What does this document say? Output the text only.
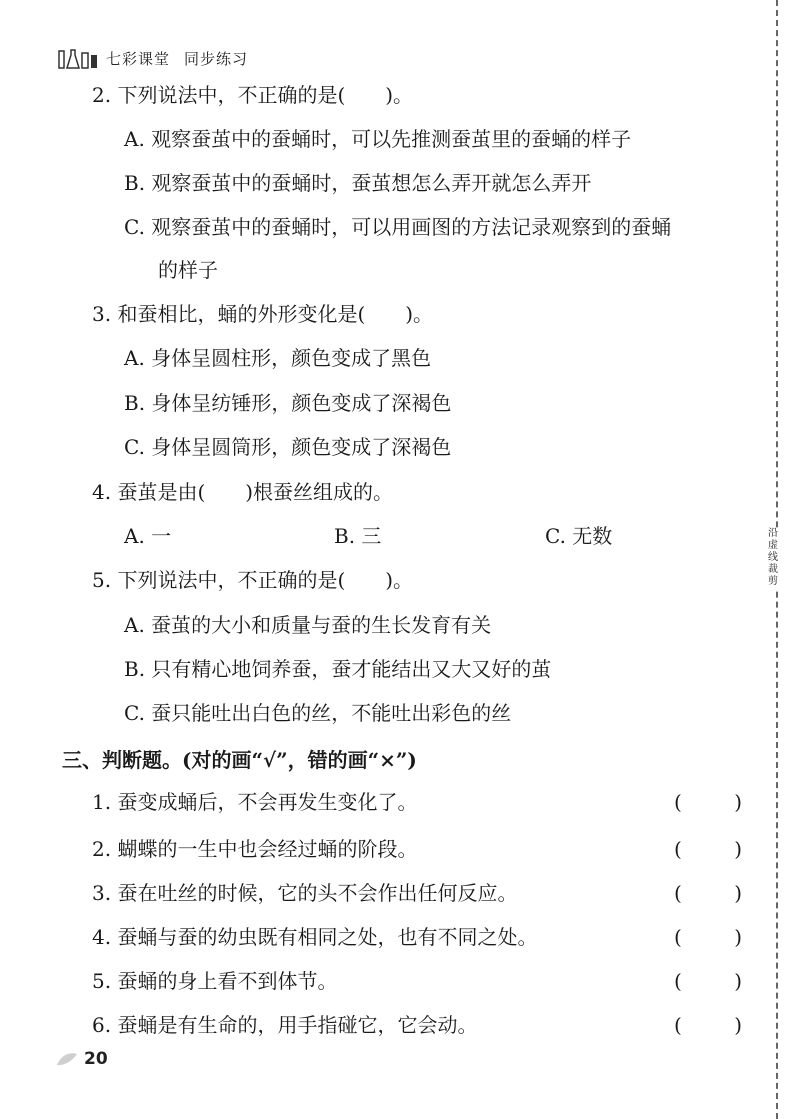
七彩课堂 同步练习
2. 下列说法中，不正确的是(　　)。
A. 观察蚕茧中的蚕蛹时，可以先推测蚕茧里的蚕蛹的样子
B. 观察蚕茧中的蚕蛹时，蚕茧想怎么弄开就怎么弄开
C. 观察蚕茧中的蚕蛹时，可以用画图的方法记录观察到的蚕蛹
的样子
3. 和蚕相比，蛹的外形变化是(　　)。
A. 身体呈圆柱形，颜色变成了黑色
B. 身体呈纺锤形，颜色变成了深褐色
C. 身体呈圆筒形，颜色变成了深褐色
4. 蚕茧是由(　　)根蚕丝组成的。
A. 一	B. 三	C. 无数
5. 下列说法中，不正确的是(　　)。
A. 蚕茧的大小和质量与蚕的生长发育有关
B. 只有精心地饲养蚕，蚕才能结出又大又好的茧
C. 蚕只能吐出白色的丝，不能吐出彩色的丝
三、判断题。(对的画“√”，错的画“×”)
1. 蚕变成蛹后，不会再发生变化了。	(	)
2. 蝴蝶的一生中也会经过蛹的阶段。	(	)
3. 蚕在吐丝的时候，它的头不会作出任何反应。	(	)
4. 蚕蛹与蚕的幼虫既有相同之处，也有不同之处。	(	)
5. 蚕蛹的身上看不到体节。	(	)
6. 蚕蛹是有生命的，用手指碰它，它会动。	(	)
沿虚线裁剪
20
